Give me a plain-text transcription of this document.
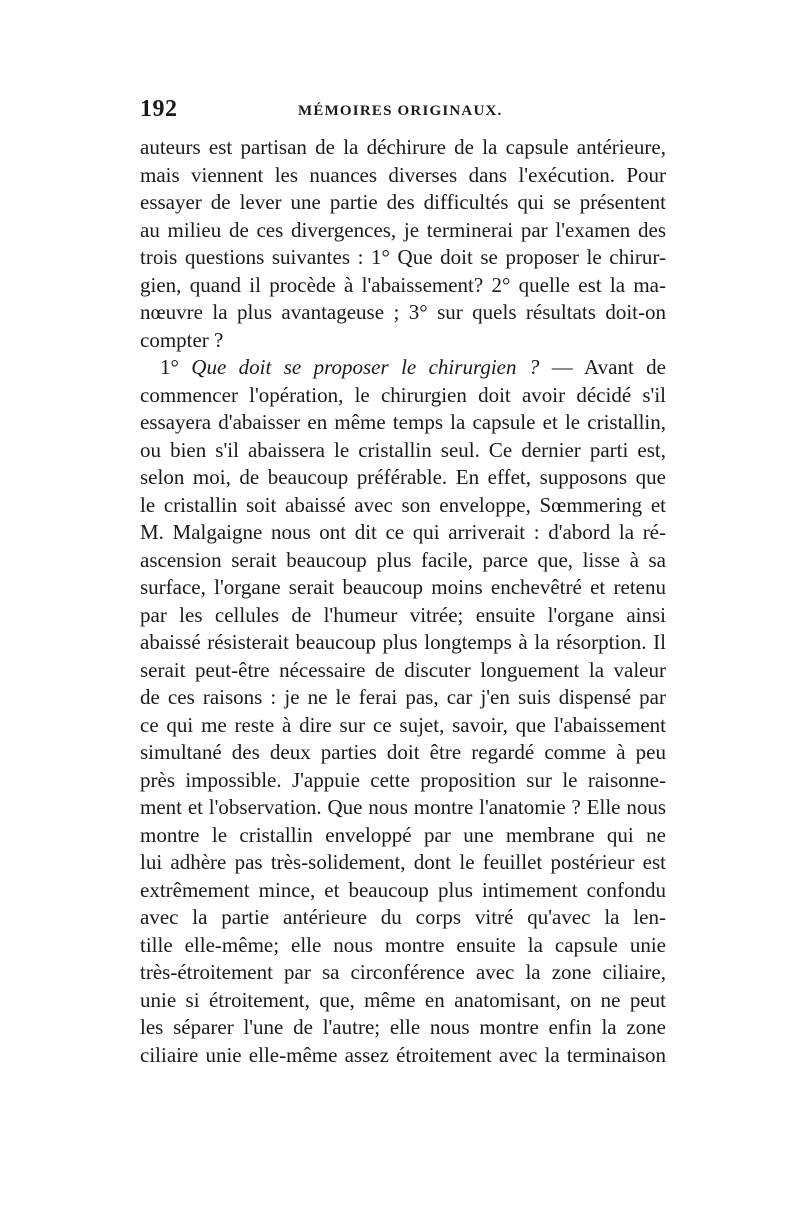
192	MÉMOIRES ORIGINAUX.
auteurs est partisan de la déchirure de la capsule antérieure,
mais viennent les nuances diverses dans l'exécution. Pour
essayer de lever une partie des difficultés qui se présentent
au milieu de ces divergences, je terminerai par l'examen des
trois questions suivantes : 1° Que doit se proposer le chirur-
gien, quand il procède à l'abaissement? 2° quelle est la ma-
nœuvre la plus avantageuse ; 3° sur quels résultats doit-on
compter ?
1° Que doit se proposer le chirurgien ? — Avant de
commencer l'opération, le chirurgien doit avoir décidé s'il
essayera d'abaisser en même temps la capsule et le cristallin,
ou bien s'il abaissera le cristallin seul. Ce dernier parti est,
selon moi, de beaucoup préférable. En effet, supposons que
le cristallin soit abaissé avec son enveloppe, Sœmmering et
M. Malgaigne nous ont dit ce qui arriverait : d'abord la ré-
ascension serait beaucoup plus facile, parce que, lisse à sa
surface, l'organe serait beaucoup moins enchevêtré et retenu
par les cellules de l'humeur vitrée; ensuite l'organe ainsi
abaissé résisterait beaucoup plus longtemps à la résorption. Il
serait peut-être nécessaire de discuter longuement la valeur
de ces raisons : je ne le ferai pas, car j'en suis dispensé par
ce qui me reste à dire sur ce sujet, savoir, que l'abaissement
simultané des deux parties doit être regardé comme à peu
près impossible. J'appuie cette proposition sur le raisonne-
ment et l'observation. Que nous montre l'anatomie ? Elle nous
montre le cristallin enveloppé par une membrane qui ne
lui adhère pas très-solidement, dont le feuillet postérieur est
extrêmement mince, et beaucoup plus intimement confondu
avec la partie antérieure du corps vitré qu'avec la len-
tille elle-même; elle nous montre ensuite la capsule unie
très-étroitement par sa circonférence avec la zone ciliaire,
unie si étroitement, que, même en anatomisant, on ne peut
les séparer l'une de l'autre; elle nous montre enfin la zone
ciliaire unie elle-même assez étroitement avec la terminaison
